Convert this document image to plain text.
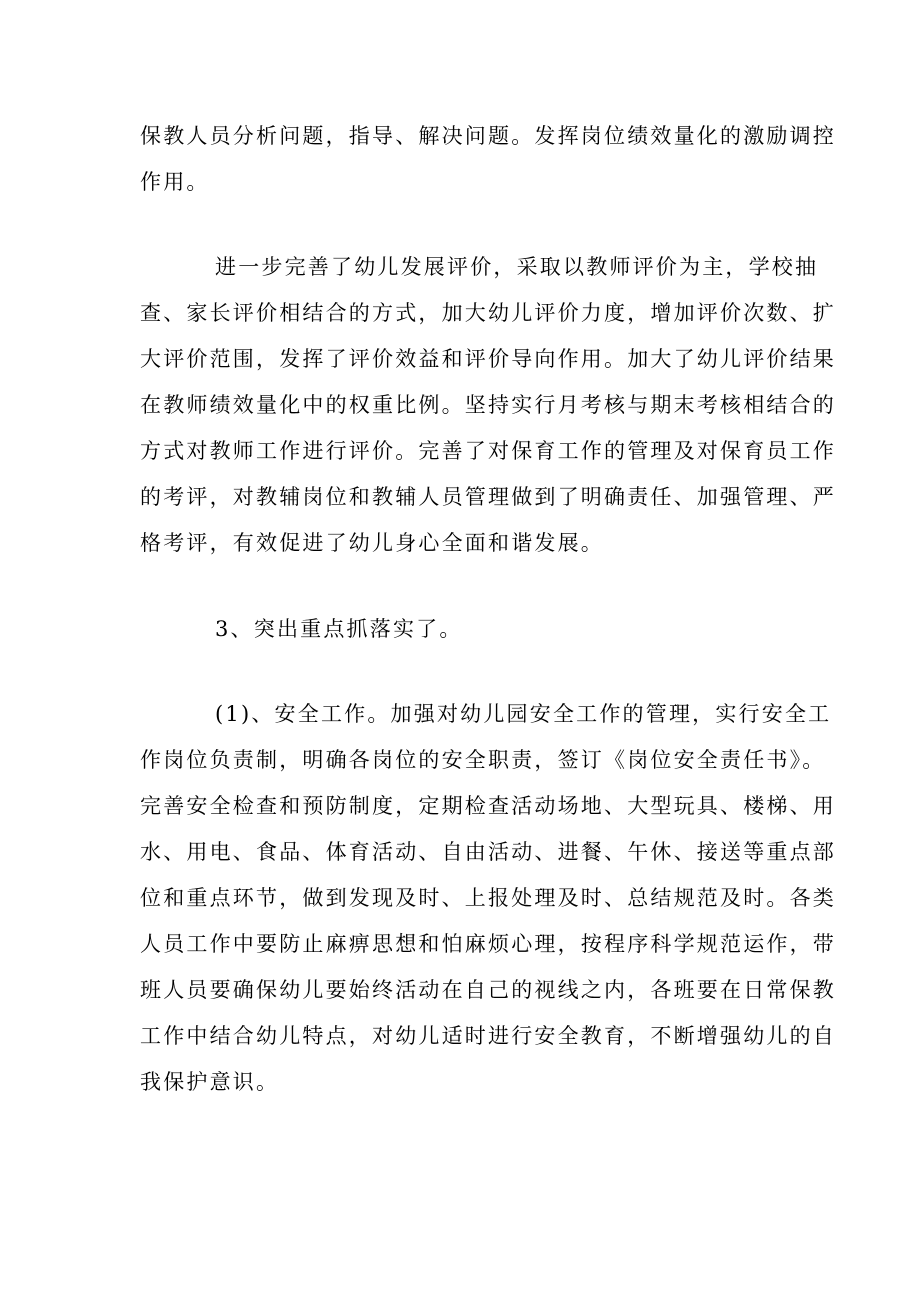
保教人员分析问题，指导、解决问题。发挥岗位绩效量化的激励调控
作用。
进一步完善了幼儿发展评价，采取以教师评价为主，学校抽
查、家长评价相结合的方式，加大幼儿评价力度，增加评价次数、扩
大评价范围，发挥了评价效益和评价导向作用。加大了幼儿评价结果
在教师绩效量化中的权重比例。坚持实行月考核与期末考核相结合的
方式对教师工作进行评价。完善了对保育工作的管理及对保育员工作
的考评，对教辅岗位和教辅人员管理做到了明确责任、加强管理、严
格考评，有效促进了幼儿身心全面和谐发展。
3、突出重点抓落实了。
(1)、安全工作。加强对幼儿园安全工作的管理，实行安全工
作岗位负责制，明确各岗位的安全职责，签订《岗位安全责任书》。
完善安全检查和预防制度，定期检查活动场地、大型玩具、楼梯、用
水、用电、食品、体育活动、自由活动、进餐、午休、接送等重点部
位和重点环节，做到发现及时、上报处理及时、总结规范及时。各类
人员工作中要防止麻痹思想和怕麻烦心理，按程序科学规范运作，带
班人员要确保幼儿要始终活动在自己的视线之内，各班要在日常保教
工作中结合幼儿特点，对幼儿适时进行安全教育，不断增强幼儿的自
我保护意识。
